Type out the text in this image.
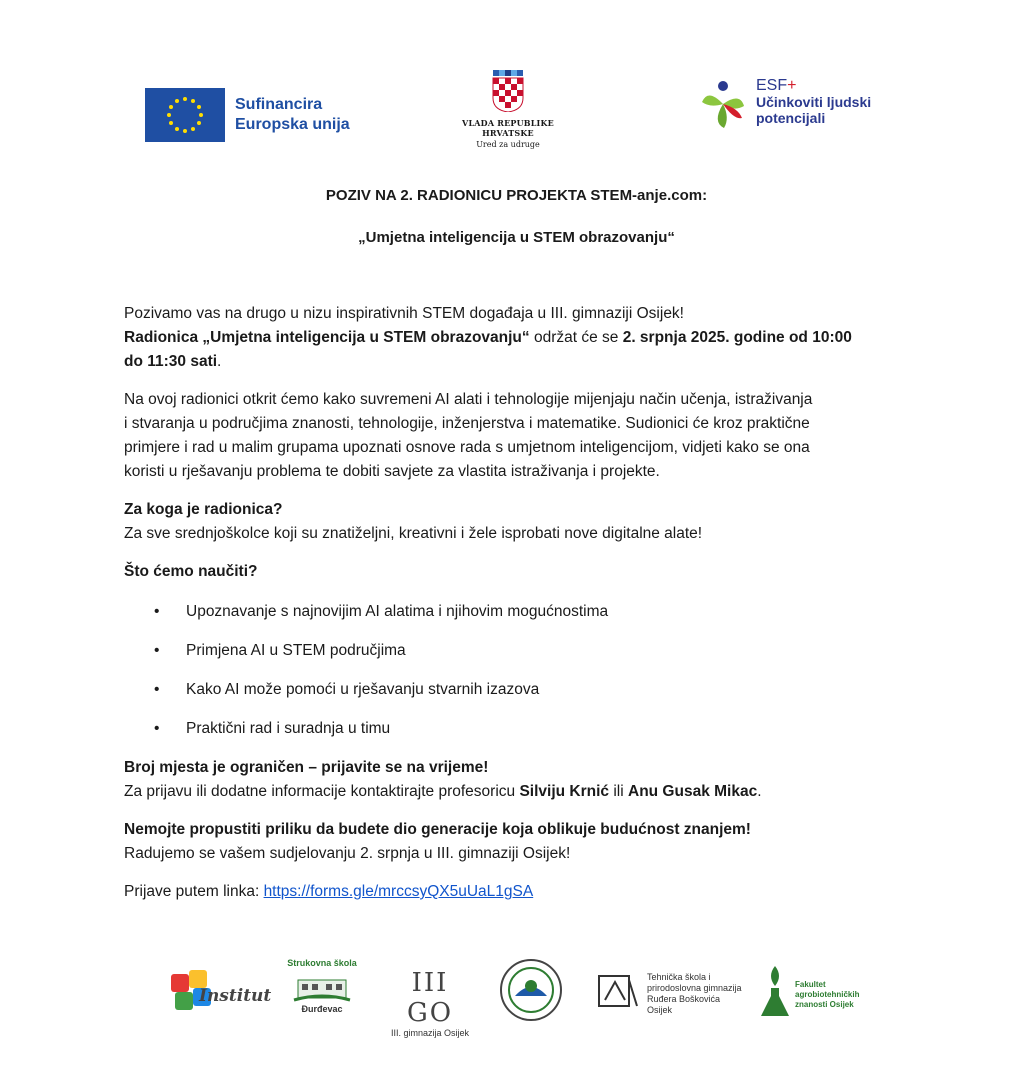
Sufinancira
Europska unija	VLADA REPUBLIKE HRVATSKE
Ured za udruge
ESF+
Učinkoviti ljudski
potencijali
POZIV NA 2. RADIONICU PROJEKTA STEM-anje.com:
„Umjetna inteligencija u STEM obrazovanju“

Pozivamo vas na drugo u nizu inspirativnih STEM događaja u III. gimnaziji Osijek!
Radionica „Umjetna inteligencija u STEM obrazovanju“ održat će se 2. srpnja 2025. godine od 10:00
do 11:30 sati.

Na ovoj radionici otkrit ćemo kako suvremeni AI alati i tehnologije mijenjaju način učenja, istraživanja
i stvaranja u područjima znanosti, tehnologije, inženjerstva i matematike. Sudionici će kroz praktične
primjere i rad u malim grupama upoznati osnove rada s umjetnom inteligencijom, vidjeti kako se ona
koristi u rješavanju problema te dobiti savjete za vlastita istraživanja i projekte.

Za koga je radionica?
Za sve srednjoškolce koji su znatiželjni, kreativni i žele isprobati nove digitalne alate!

Što ćemo naučiti?

• Upoznavanje s najnovijim AI alatima i njihovim mogućnostima
• Primjena AI u STEM područjima
• Kako AI može pomoći u rješavanju stvarnih izazova
• Praktični rad i suradnja u timu

Broj mjesta je ograničen – prijavite se na vrijeme!
Za prijavu ili dodatne informacije kontaktirajte profesoricu Silviju Krnić ili Anu Gusak Mikac.

Nemojte propustiti priliku da budete dio generacije koja oblikuje budućnost znanjem!
Radujemo se vašem sudjelovanju 2. srpnja u III. gimnaziji Osijek!

Prijave putem linka: https://forms.gle/mrccsyQX5uUaL1gSA

Institut
Strukovna škola
Đurđevac
III GO
III. gimnazija Osijek
Tehnička škola i
prirodoslovna gimnazija
Ruđera Boškovića
Osijek
Fakultet
agrobiotehničkih
znanosti Osijek
